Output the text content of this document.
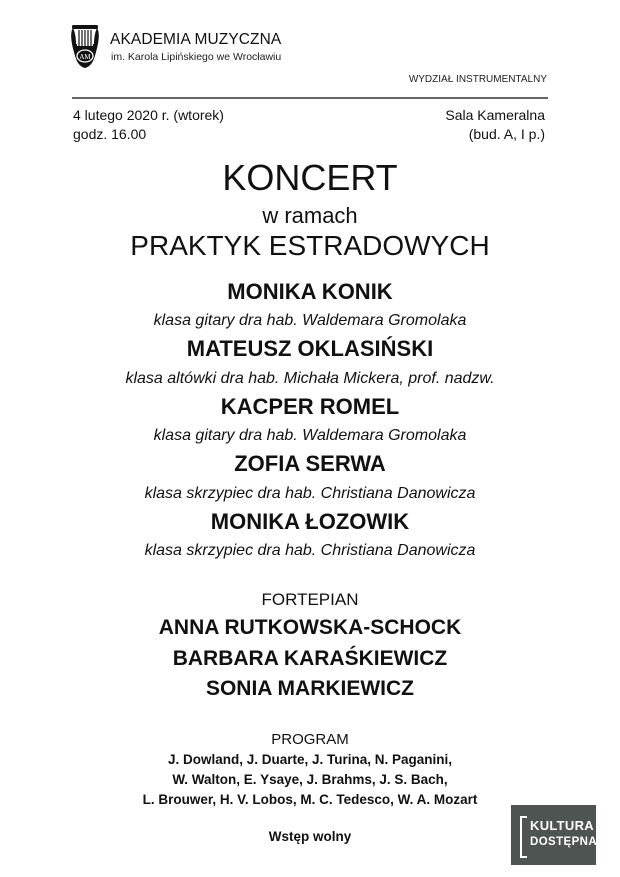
AM
AKADEMIA MUZYCZNA
im. Karola Lipińskiego we Wrocławiu
WYDZIAŁ INSTRUMENTALNY
4 lutego 2020 r. (wtorek)
godz. 16.00
Sala Kameralna
(bud. A, I p.)
KONCERT
w ramach
PRAKTYK ESTRADOWYCH
MONIKA KONIK
klasa gitary dra hab. Waldemara Gromolaka
MATEUSZ OKLASIŃSKI
klasa altówki dra hab. Michała Mickera, prof. nadzw.
KACPER ROMEL
klasa gitary dra hab. Waldemara Gromolaka
ZOFIA SERWA
klasa skrzypiec dra hab. Christiana Danowicza
MONIKA ŁOZOWIK
klasa skrzypiec dra hab. Christiana Danowicza
FORTEPIAN
ANNA RUTKOWSKA-SCHOCK
BARBARA KARAŚKIEWICZ
SONIA MARKIEWICZ
PROGRAM
J. Dowland, J. Duarte, J. Turina, N. Paganini,
W. Walton, E. Ysaye, J. Brahms, J. S. Bach,
L. Brouwer, H. V. Lobos, M. C. Tedesco, W. A. Mozart
Wstęp wolny
KULTURA
DOSTĘPNA
